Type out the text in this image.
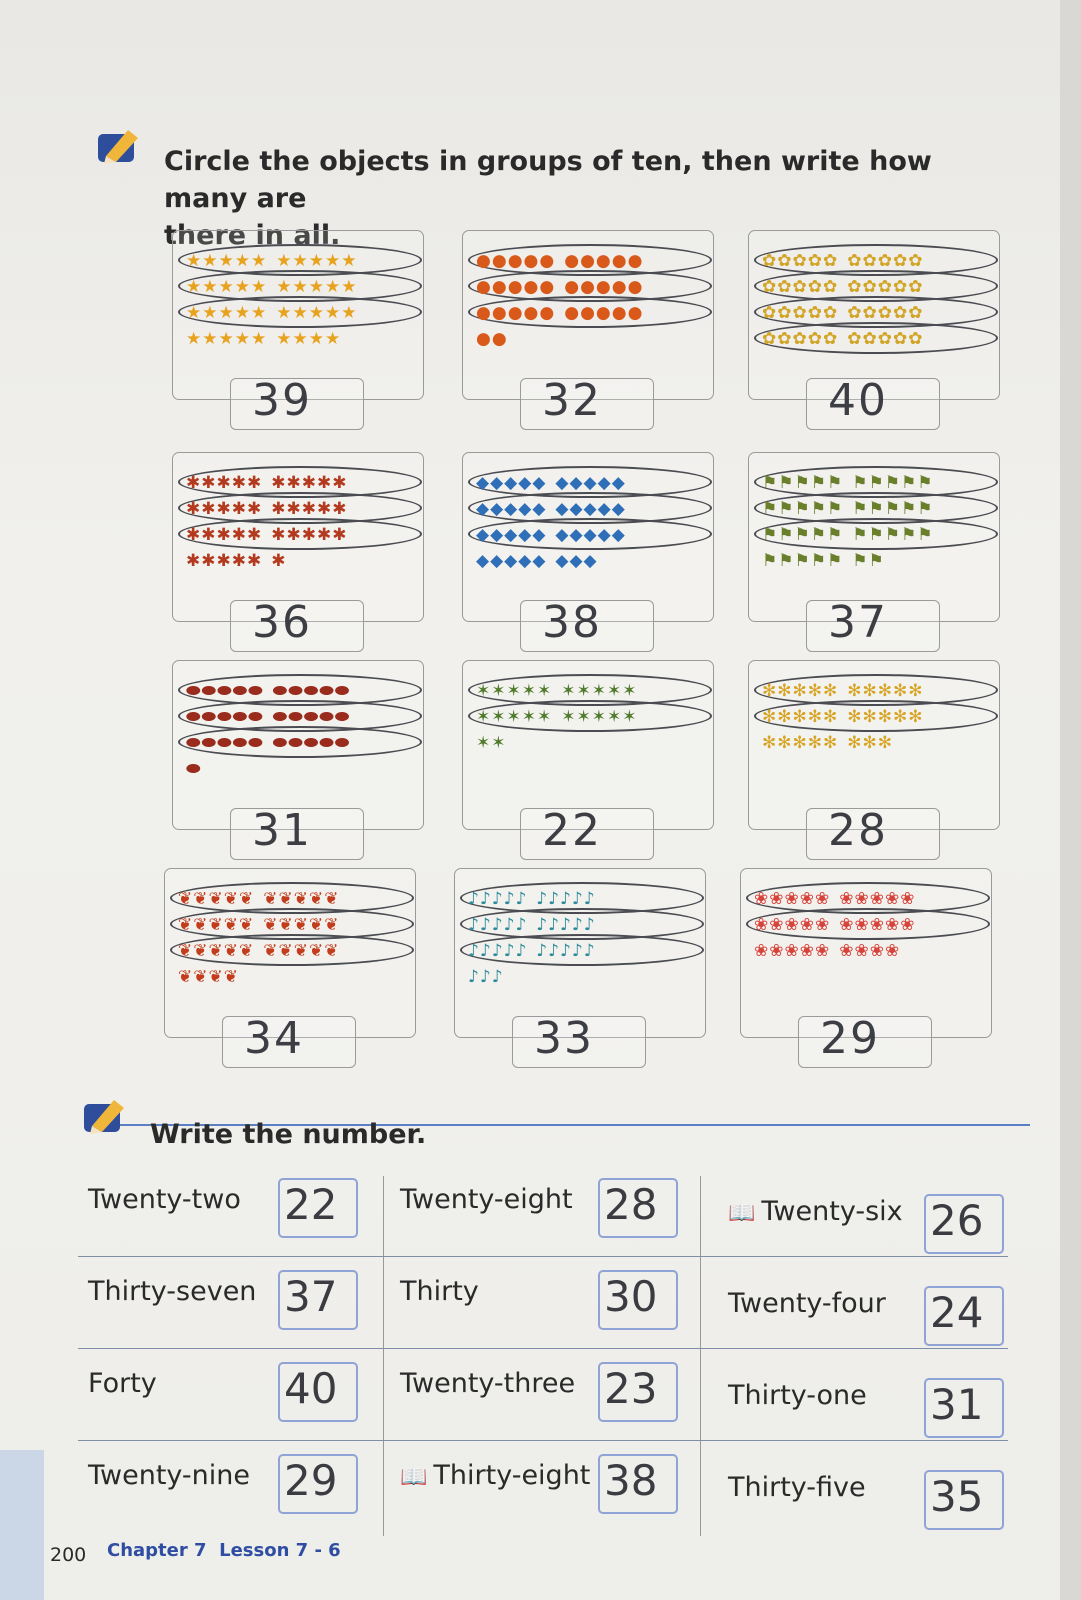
Circle the objects in groups of ten, then write how many are
there in all.
★ ★ ★ ★ ★ ★ ★ ★ ★ ★
★ ★ ★ ★ ★ ★ ★ ★ ★ ★
★ ★ ★ ★ ★ ★ ★ ★ ★ ★
★ ★ ★ ★ ★ ★ ★ ★ ★
39
● ● ● ● ● ● ● ● ● ●
● ● ● ● ● ● ● ● ● ●
● ● ● ● ● ● ● ● ● ●
● ●
32
✿ ✿ ✿ ✿ ✿ ✿ ✿ ✿ ✿ ✿
✿ ✿ ✿ ✿ ✿ ✿ ✿ ✿ ✿ ✿
✿ ✿ ✿ ✿ ✿ ✿ ✿ ✿ ✿ ✿
✿ ✿ ✿ ✿ ✿ ✿ ✿ ✿ ✿ ✿
40
✱ ✱ ✱ ✱ ✱ ✱ ✱ ✱ ✱ ✱
✱ ✱ ✱ ✱ ✱ ✱ ✱ ✱ ✱ ✱
✱ ✱ ✱ ✱ ✱ ✱ ✱ ✱ ✱ ✱
✱ ✱ ✱ ✱ ✱ ✱
36
◆ ◆ ◆ ◆ ◆ ◆ ◆ ◆ ◆ ◆
◆ ◆ ◆ ◆ ◆ ◆ ◆ ◆ ◆ ◆
◆ ◆ ◆ ◆ ◆ ◆ ◆ ◆ ◆ ◆
◆ ◆ ◆ ◆ ◆ ◆ ◆ ◆
38
⚑ ⚑ ⚑ ⚑ ⚑ ⚑ ⚑ ⚑ ⚑ ⚑
⚑ ⚑ ⚑ ⚑ ⚑ ⚑ ⚑ ⚑ ⚑ ⚑
⚑ ⚑ ⚑ ⚑ ⚑ ⚑ ⚑ ⚑ ⚑ ⚑
⚑ ⚑ ⚑ ⚑ ⚑ ⚑ ⚑
37
⬬ ⬬ ⬬ ⬬ ⬬ ⬬ ⬬ ⬬ ⬬ ⬬
⬬ ⬬ ⬬ ⬬ ⬬ ⬬ ⬬ ⬬ ⬬ ⬬
⬬ ⬬ ⬬ ⬬ ⬬ ⬬ ⬬ ⬬ ⬬ ⬬
⬬
31
✶ ✶ ✶ ✶ ✶ ✶ ✶ ✶ ✶ ✶
✶ ✶ ✶ ✶ ✶ ✶ ✶ ✶ ✶ ✶
✶ ✶
22
✻ ✻ ✻ ✻ ✻ ✻ ✻ ✻ ✻ ✻
✻ ✻ ✻ ✻ ✻ ✻ ✻ ✻ ✻ ✻
✻ ✻ ✻ ✻ ✻ ✻ ✻ ✻
28
❦ ❦ ❦ ❦ ❦ ❦ ❦ ❦ ❦ ❦
❦ ❦ ❦ ❦ ❦ ❦ ❦ ❦ ❦ ❦
❦ ❦ ❦ ❦ ❦ ❦ ❦ ❦ ❦ ❦
❦ ❦ ❦ ❦
34
♪ ♪ ♪ ♪ ♪ ♪ ♪ ♪ ♪ ♪
♪ ♪ ♪ ♪ ♪ ♪ ♪ ♪ ♪ ♪
♪ ♪ ♪ ♪ ♪ ♪ ♪ ♪ ♪ ♪
♪ ♪ ♪
33
❀ ❀ ❀ ❀ ❀ ❀ ❀ ❀ ❀ ❀
❀ ❀ ❀ ❀ ❀ ❀ ❀ ❀ ❀ ❀
❀ ❀ ❀ ❀ ❀ ❀ ❀ ❀ ❀
29
Write the number.
Twenty-two 22 Twenty-eight 28	📖 Twenty-six 26
Thirty-seven 37 Thirty	30	Twenty-four 24
Forty	40 Twenty-three 23	Thirty-one 31
Twenty-nine 29	📖 Thirty-eight 38	Thirty-five 35
200 Chapter 7 Lesson 7 - 6
